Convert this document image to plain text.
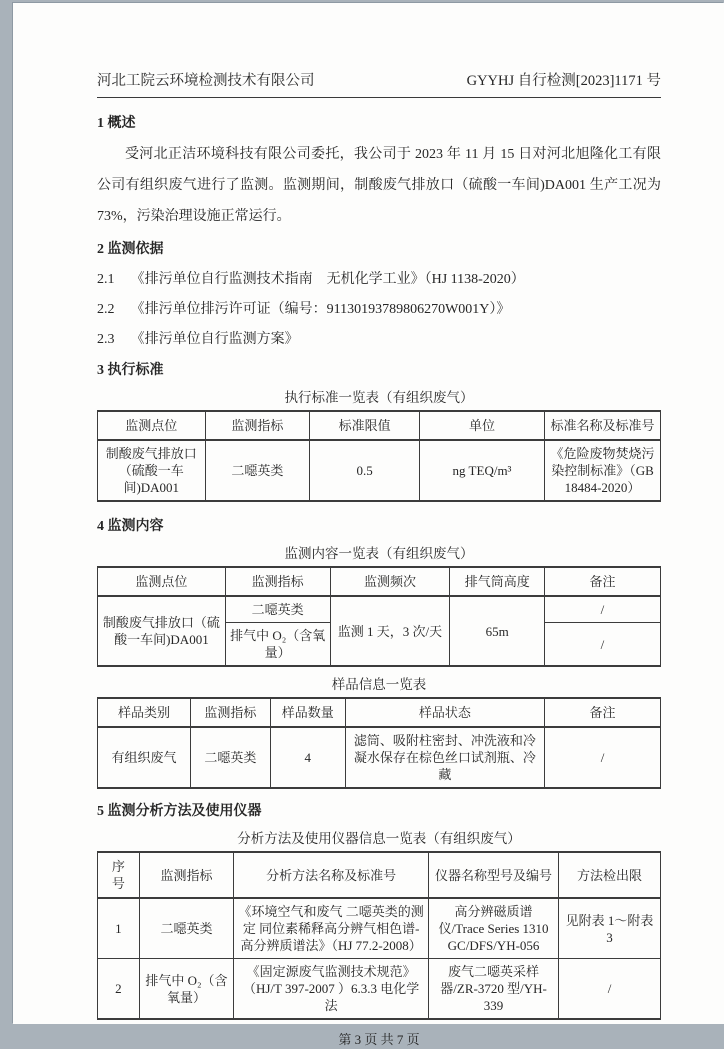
河北工院云环境检测技术有限公司	GYYHJ 自行检测[2023]1171 号
1 概述

受河北正洁环境科技有限公司委托，我公司于 2023 年 11 月 15 日对河北旭隆化工有限公司有组织废气进行了监测。监测期间，制酸废气排放口（硫酸一车间)DA001 生产工况为 73%，污染治理设施正常运行。

2 监测依据
2.1	《排污单位自行监测技术指南　无机化学工业》（HJ 1138-2020）
2.2	《排污单位排污许可证（编号：91130193789806270W001Y）》
2.3	《排污单位自行监测方案》
3 执行标准
执行标准一览表（有组织废气）
监测点位	监测指标	标准限值	单位	标准名称及标准号
制酸废气排放口（硫酸一车间)DA001	二噁英类	0.5	ng TEQ/m³	《危险废物焚烧污染控制标准》（GB 18484-2020）
4 监测内容
监测内容一览表（有组织废气）
监测点位	监测指标	监测频次	排气筒高度	备注
制酸废气排放口（硫酸一车间)DA001	二噁英类	监测 1 天，3 次/天	65m	/
	排气中 O₂（含氧量）			/
样品信息一览表
样品类别	监测指标	样品数量	样品状态	备注
有组织废气	二噁英类	4	滤筒、吸附柱密封、冲洗液和冷凝水保存在棕色丝口试剂瓶、冷藏	/
5 监测分析方法及使用仪器
分析方法及使用仪器信息一览表（有组织废气）
序号	监测指标	分析方法名称及标准号	仪器名称型号及编号	方法检出限
1	二噁英类	《环境空气和废气 二噁英类的测定 同位素稀释高分辨气相色谱-高分辨质谱法》（HJ 77.2-2008）	高分辨磁质谱仪/Trace Series 1310 GC/DFS/YH-056	见附表 1～附表 3
2	排气中 O₂（含氧量）	《固定源废气监测技术规范》（HJ/T 397-2007 ）6.3.3 电化学法	废气二噁英采样器/ZR-3720 型/YH-339	/
第 3 页 共 7 页
